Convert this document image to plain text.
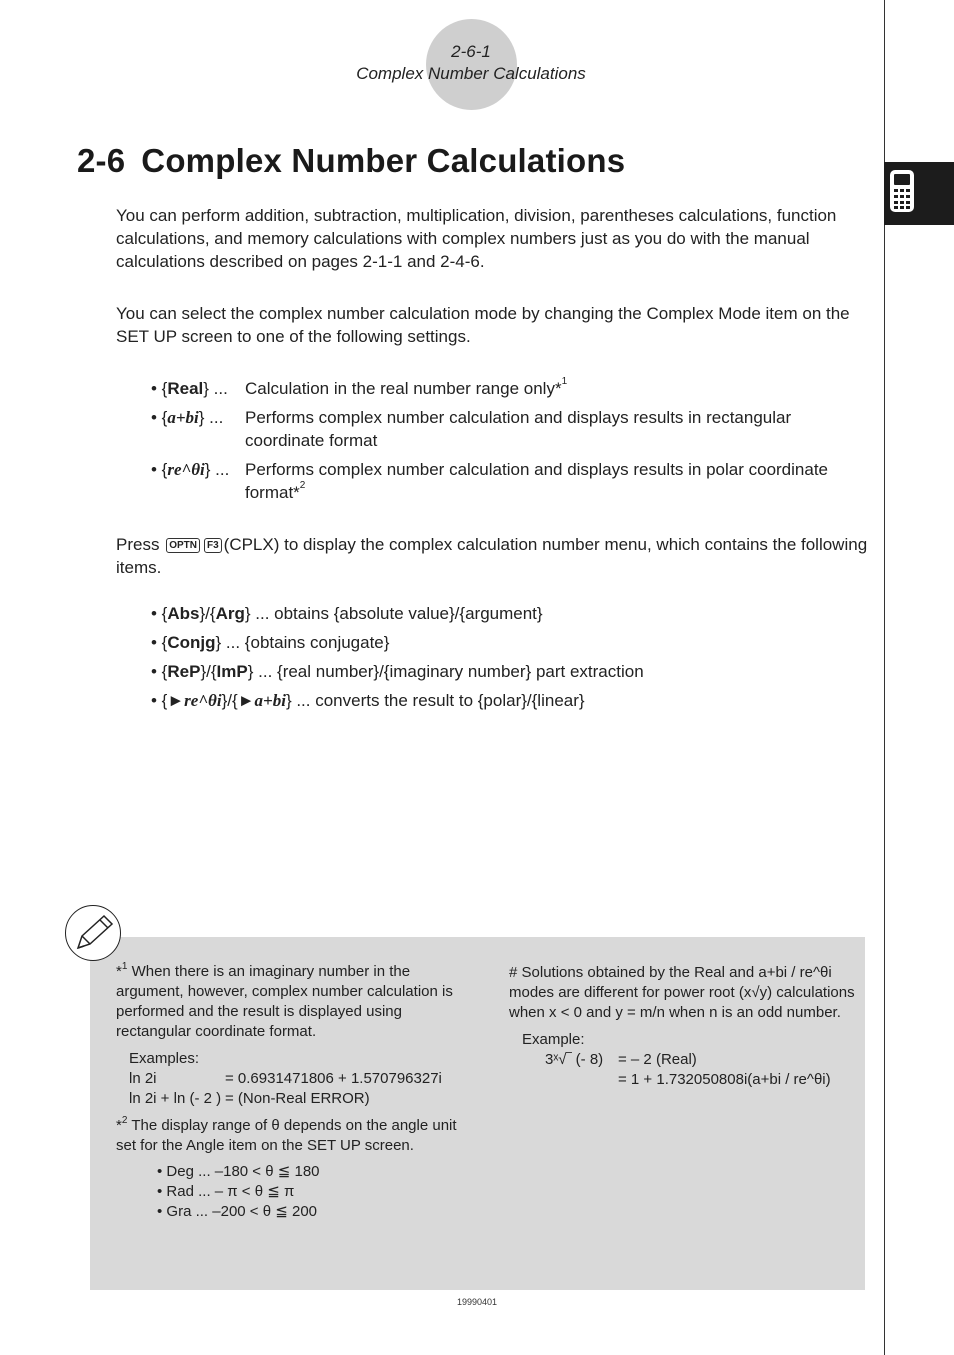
2-6-1
Complex Number Calculations
2-6 Complex Number Calculations

You can perform addition, subtraction, multiplication, division, parentheses calculations, function calculations, and memory calculations with complex numbers just as you do with the manual calculations described on pages 2-1-1 and 2-4-6.

You can select the complex number calculation mode by changing the Complex Mode item on the SET UP screen to one of the following settings.

• {Real} ... Calculation in the real number range only*$^1$
• {a+bi} ... Performs complex number calculation and displays results in rectangular coordinate format
• {re^θi} ... Performs complex number calculation and displays results in polar coordinate format*$^2$

Press OPTN F3 (CPLX) to display the complex calculation number menu, which contains the following items.

• {Abs}/{Arg} ... obtains {absolute value}/{argument}
• {Conjg} ... {obtains conjugate}
• {ReP}/{ImP} ... {real number}/{imaginary number} part extraction
• {►re^θi}/{►a+bi} ... converts the result to {polar}/{linear}
*$^1$ When there is an imaginary number in the argument, however, complex number calculation is performed and the result is displayed using rectangular coordinate format.
Examples:
ln 2i	= 0.6931471806 + 1.570796327i
ln 2i + ln (- 2 ) = (Non-Real ERROR)
*$^2$ The display range of θ depends on the angle unit set for the Angle item on the SET UP screen.
• Deg ... –180 < θ ≦ 180
• Rad ... – π < θ ≦ π
• Gra ... –200 < θ ≦ 200
# Solutions obtained by the Real and a+bi / re^θi modes are different for power root (x√y) calculations when x < 0 and y = m/n when n is an odd number.
Example:
3ˣ√‾ (- 8) = – 2 (Real)
= 1 + 1.732050808i(a+bi / re^θi)
19990401
